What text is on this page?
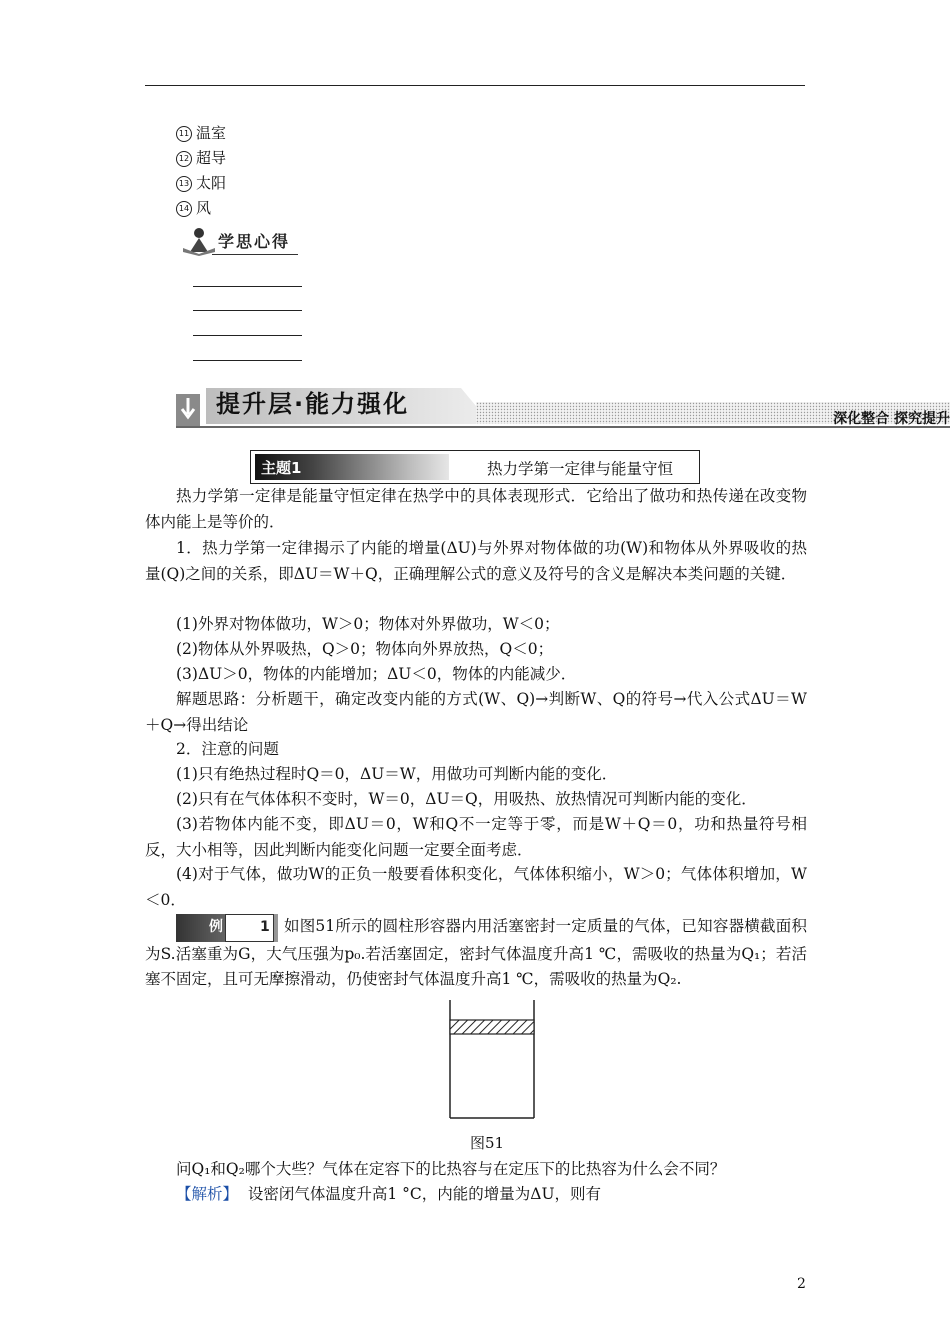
11 温室
12 超导
13 太阳
14 风
学思心得
提升层·能力强化
深化整合 探究提升
主题1	热力学第一定律与能量守恒
热力学第一定律是能量守恒定律在热学中的具体表现形式．它给出了做功和热传递在改变物体内能上是等价的．
1．热力学第一定律揭示了内能的增量(ΔU)与外界对物体做的功(W)和物体从外界吸收的热量(Q)之间的关系，即ΔU＝W＋Q，正确理解公式的意义及符号的含义是解决本类问题的关键．
(1)外界对物体做功，W＞0；物体对外界做功，W＜0；
(2)物体从外界吸热，Q＞0；物体向外界放热，Q＜0；
(3)ΔU＞0，物体的内能增加；ΔU＜0，物体的内能减少．
解题思路：分析题干，确定改变内能的方式(W、Q)→判断W、Q的符号→代入公式ΔU＝W＋Q→得出结论
2．注意的问题
(1)只有绝热过程时Q＝0，ΔU＝W，用做功可判断内能的变化．
(2)只有在气体体积不变时，W＝0，ΔU＝Q，用吸热、放热情况可判断内能的变化．
(3)若物体内能不变，即ΔU＝0，W和Q不一定等于零，而是W＋Q＝0，功和热量符号相反，大小相等，因此判断内能变化问题一定要全面考虑．
(4)对于气体，做功W的正负一般要看体积变化，气体体积缩小，W＞0；气体体积增加，W＜0．
例	1 如图51所示的圆柱形容器内用活塞密封一定质量的气体，已知容器横截面积为S.活塞重为G，大气压强为p₀.若活塞固定，密封气体温度升高1 ℃，需吸收的热量为Q₁；若活塞不固定，且可无摩擦滑动，仍使密封气体温度升高1 ℃，需吸收的热量为Q₂.
图51
问Q₁和Q₂哪个大些？气体在定容下的比热容与在定压下的比热容为什么会不同？
【解析】 设密闭气体温度升高1 °C，内能的增量为ΔU，则有
2
